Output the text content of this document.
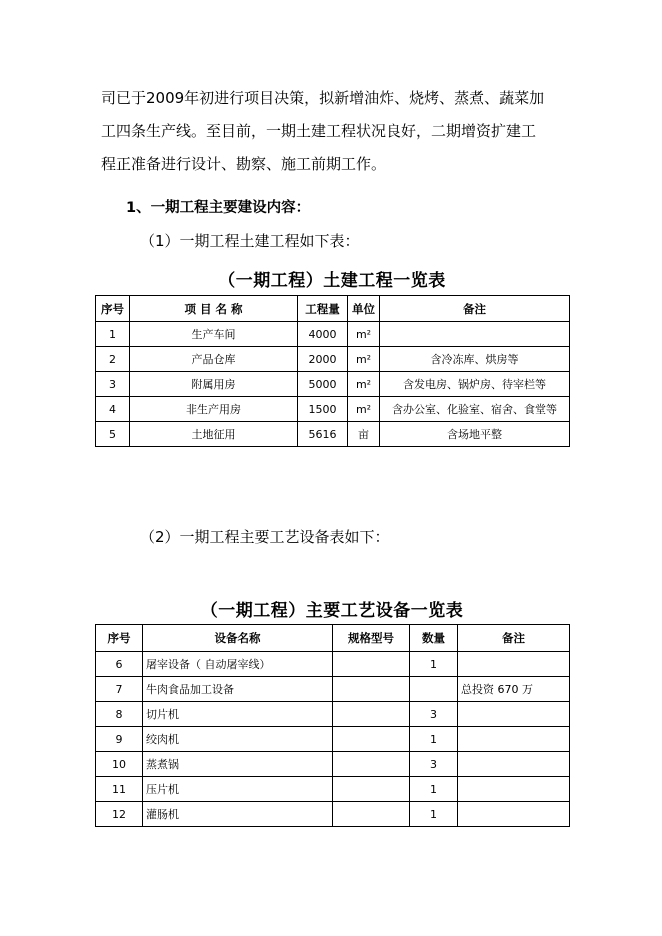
司已于2009年初进行项目决策，拟新增油炸、烧烤、蒸煮、蔬菜加
工四条生产线。至目前，一期土建工程状况良好，二期增资扩建工
程正准备进行设计、勘察、施工前期工作。
1、一期工程主要建设内容：
（1）一期工程土建工程如下表：
（一期工程）土建工程一览表
序号	项 目 名 称	工程量	单位	备注
1	生产车间	4000	m²	
2	产品仓库	2000	m²	含冷冻库、烘房等
3	附属用房	5000	m²	含发电房、锅炉房、待宰栏等
4	非生产用房	1500	m²	含办公室、化验室、宿舍、食堂等
5	土地征用	5616	亩	含场地平整
（2）一期工程主要工艺设备表如下：
（一期工程）主要工艺设备一览表
序号	设备名称	规格型号	数量	备注
6	屠宰设备（ 自动屠宰线）		1	
7	牛肉食品加工设备			总投资 670 万
8	切片机		3	
9	绞肉机		1	
10	蒸煮锅		3	
11	压片机		1	
12	灌肠机		1	
